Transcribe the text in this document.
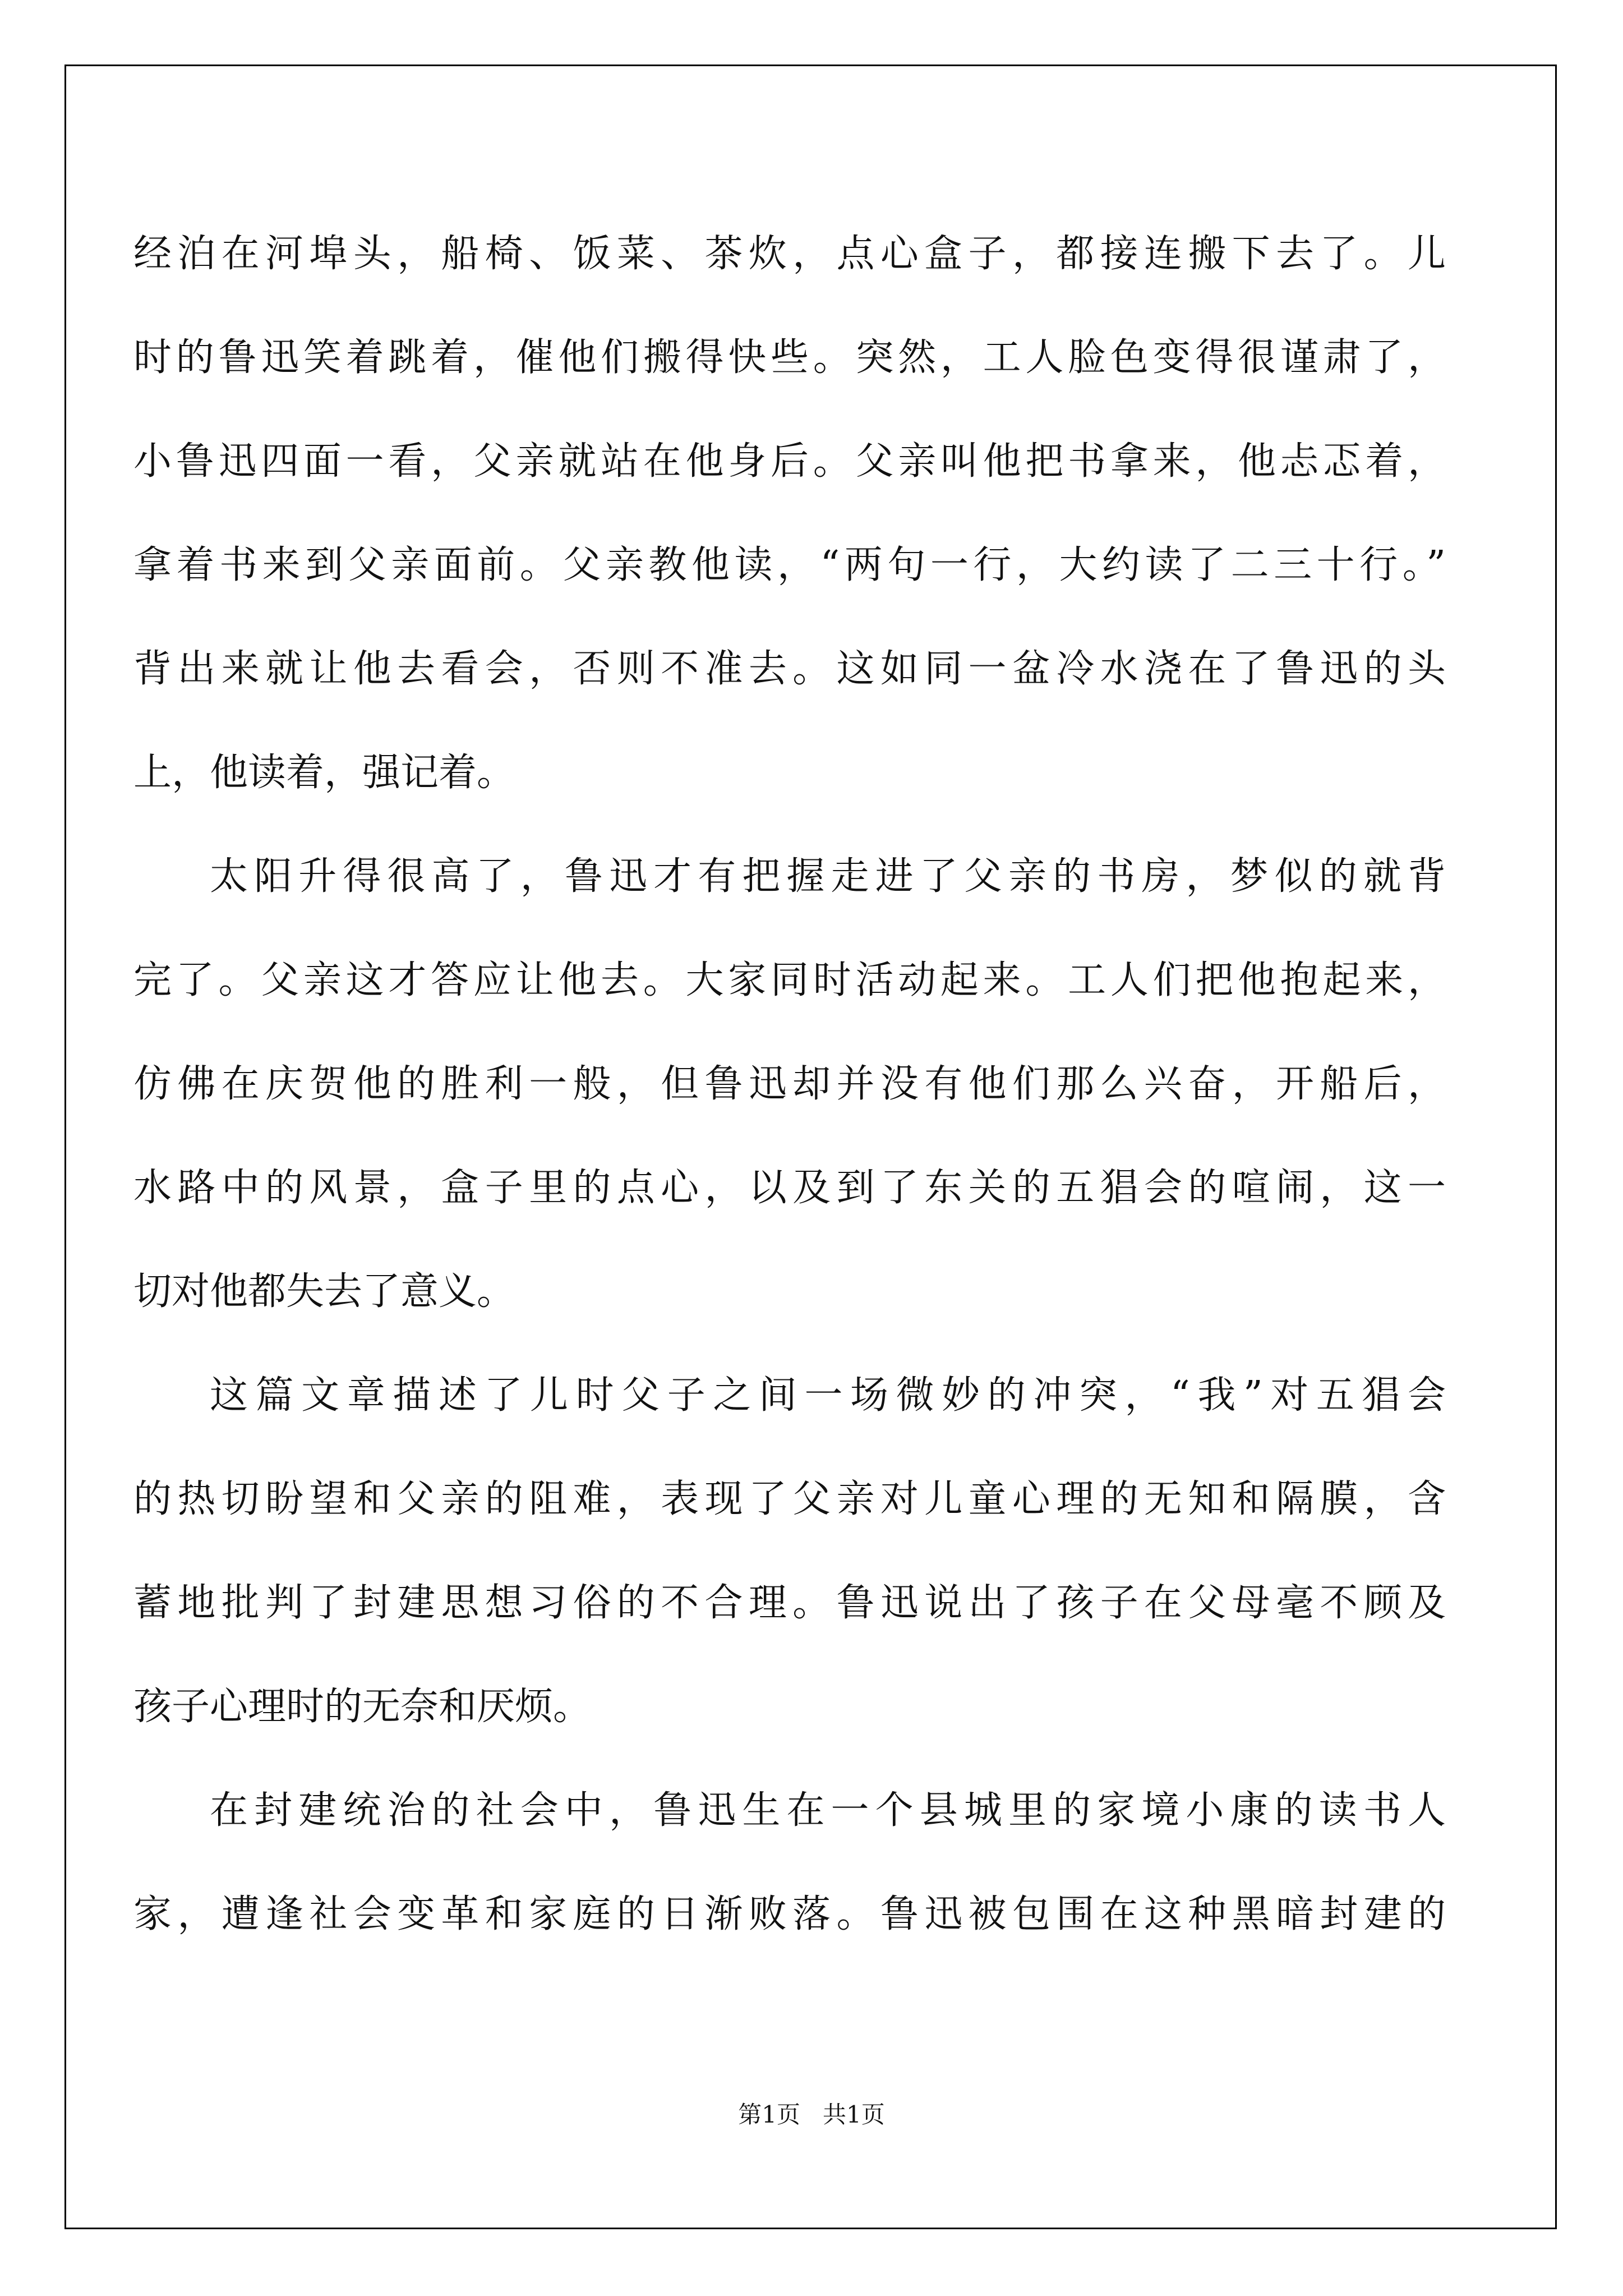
经泊在河埠头，船椅、饭菜、茶炊，点心盒子，都接连搬下去了。儿
时的鲁迅笑着跳着，催他们搬得快些。突然，工人脸色变得很谨肃了，
小鲁迅四面一看，父亲就站在他身后。父亲叫他把书拿来，他忐忑着，
拿着书来到父亲面前。父亲教他读，“两句一行，大约读了二三十行。”
背出来就让他去看会，否则不准去。这如同一盆冷水浇在了鲁迅的头
上，他读着，强记着。
太阳升得很高了，鲁迅才有把握走进了父亲的书房，梦似的就背
完了。父亲这才答应让他去。大家同时活动起来。工人们把他抱起来，
仿佛在庆贺他的胜利一般，但鲁迅却并没有他们那么兴奋，开船后，
水路中的风景，盒子里的点心，以及到了东关的五猖会的喧闹，这一
切对他都失去了意义。
这篇文章描述了儿时父子之间一场微妙的冲突，“我”对五猖会
的热切盼望和父亲的阻难，表现了父亲对儿童心理的无知和隔膜，含
蓄地批判了封建思想习俗的不合理。鲁迅说出了孩子在父母毫不顾及
孩子心理时的无奈和厌烦。
在封建统治的社会中，鲁迅生在一个县城里的家境小康的读书人
家，遭逢社会变革和家庭的日渐败落。鲁迅被包围在这种黑暗封建的
第1页 共1页
